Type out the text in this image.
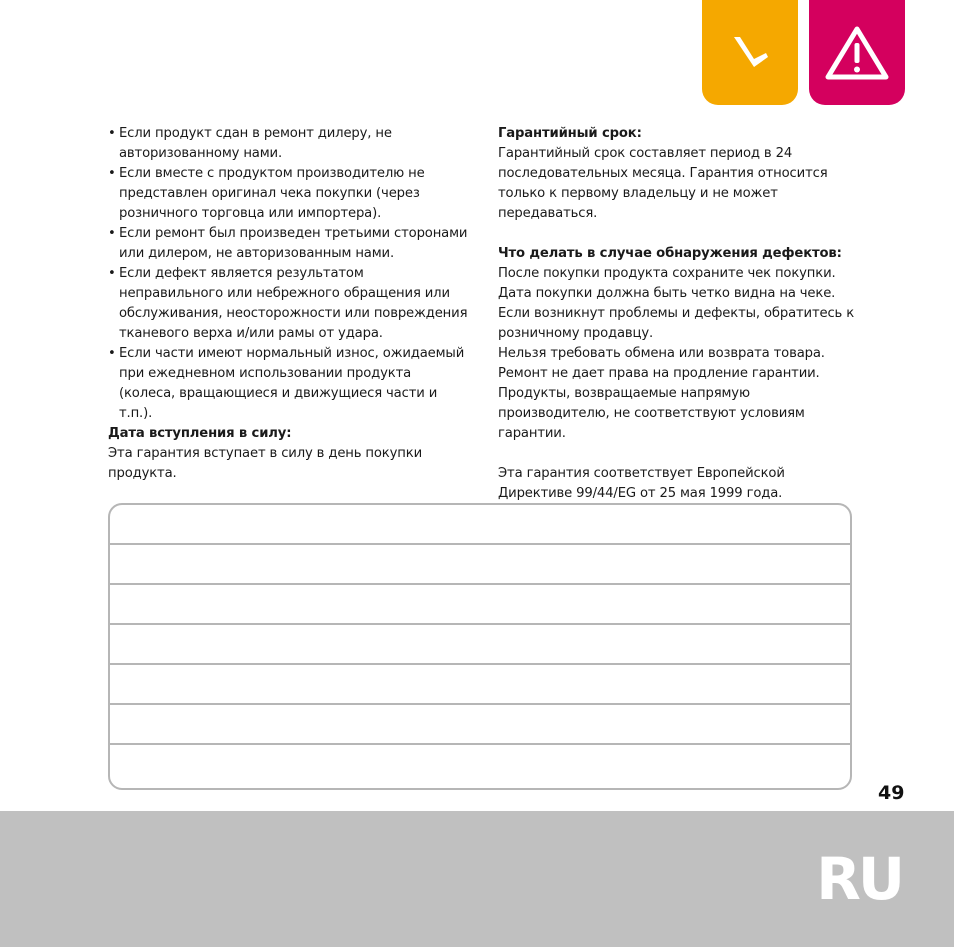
• Если продукт сдан в ремонт дилеру, не авторизованному нами.
• Если вместе с продуктом производителю не представлен оригинал чека покупки (через розничного торговца или импортера).
• Если ремонт был произведен третьими сторонами или дилером, не авторизованным нами.
• Если дефект является результатом неправильного или небрежного обращения или обслуживания, неосторожности или повреждения тканевого верха и/или рамы от удара.
• Если части имеют нормальный износ, ожидаемый при ежедневном использовании продукта (колеса, вращающиеся и движущиеся части и т.п.).
Дата вступления в силу:
Эта гарантия вступает в силу в день покупки продукта.
Гарантийный срок:
Гарантийный срок составляет период в 24 последовательных месяца. Гарантия относится только к первому владельцу и не может передаваться.
Что делать в случае обнаружения дефектов:
После покупки продукта сохраните чек покупки.
Дата покупки должна быть четко видна на чеке.
Если возникнут проблемы и дефекты, обратитесь к розничному продавцу.
Нельзя требовать обмена или возврата товара.
Ремонт не дает права на продление гарантии.
Продукты, возвращаемые напрямую производителю, не соответствуют условиям гарантии.
Эта гарантия соответствует Европейской Директиве 99/44/EG от 25 мая 1999 года.
49
RU
